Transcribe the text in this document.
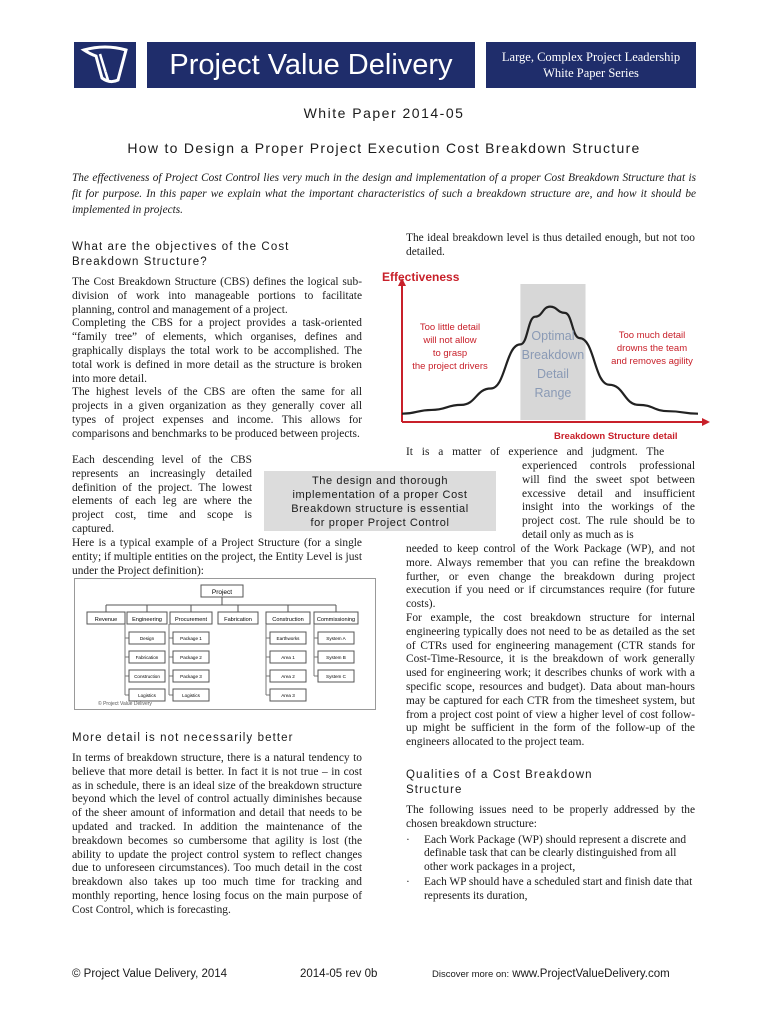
PVD	Project Value Delivery	Large, Complex Project Leadership
White Paper Series
White Paper 2014-05
How to Design a Proper Project Execution Cost Breakdown Structure
The effectiveness of Project Cost Control lies very much in the design and implementation of a proper Cost Breakdown Structure that is fit for purpose. In this paper we explain what the important characteristics of such a breakdown structure are, and how it should be implemented in projects.
What are the objectives of the Cost Breakdown Structure?

The Cost Breakdown Structure (CBS) defines the logical sub-division of work into manageable portions to facilitate planning, control and management of a project.

Completing the CBS for a project provides a task-oriented “family tree” of elements, which organises, defines and graphically displays the total work to be accomplished. The total work is defined in more detail as the structure is broken into more detail.

The highest levels of the CBS are often the same for all projects in a given organization as they generally cover all types of project expenses and income. This allows for comparisons and benchmarks to be produced between projects.

Each descending level of the CBS represents an increasingly detailed definition of the project. The lowest elements of each leg are where the project cost, time and scope is captured.

Here is a typical example of a Project Structure (for a single entity; if multiple entities on the project, the Entity Level is just under the Project definition):

Project
Revenue	Engineering Procurement	Fabrication	Construction Commissioning
Design
Fabrication
Construction
Logistics
Package 1
Package 2
Package 3
Logistics
Earthworks
Area 1
Area 2
Area 3
System A
System B
System C
© Project Value Delivery
More detail is not necessarily better

In terms of breakdown structure, there is a natural tendency to believe that more detail is better. In fact it is not true – in cost as in schedule, there is an ideal size of the breakdown structure beyond which the level of control actually diminishes because of the sheer amount of information and detail that needs to be updated and tracked. In addition the maintenance of the breakdown becomes so cumbersome that agility is lost (the ability to update the project control system to reflect changes due to unforeseen circumstances). Too much detail in the cost breakdown also takes up too much time for tracking and monthly reporting, hence losing focus on the main purpose of Cost Control, which is forecasting.

The design and thorough
implementation of a proper Cost
Breakdown structure is essential
for proper Project Control

The ideal breakdown level is thus detailed enough, but not too detailed.

Effectiveness
Breakdown Structure detail
Optimal
Breakdown
Detail
Range
Too little detail
will not allow
to grasp
the project drivers
Too much detail
drowns the team
and removes agility

It is a matter of experience and judgment. The

experienced controls professional will find the sweet spot between excessive detail and insufficient insight into the workings of the project cost. The rule should be to detail only as much as is

needed to keep control of the Work Package (WP), and not more. Always remember that you can refine the breakdown further, or even change the breakdown during project execution if you need or if circumstances require (for future costs).

For example, the cost breakdown structure for internal engineering typically does not need to be as detailed as the set of CTRs used for engineering management (CTR stands for Cost-Time-Resource, it is the breakdown of work generally used for engineering work; it describes chunks of work with a specific scope, resources and budget). Data about man-hours may be captured for each CTR from the timesheet system, but from a project cost point of view a higher level of cost follow-up might be sufficient in the form of the follow-up of the engineers allocated to the project team.

Qualities of a Cost Breakdown Structure

The following issues need to be properly addressed by the chosen breakdown structure:

· Each Work Package (WP) should represent a discrete and definable task that can be clearly distinguished from all other work packages in a project,
· Each WP should have a scheduled start and finish date that represents its duration,
© Project Value Delivery, 2014	2014-05 rev 0b	Discover more on: www.ProjectValueDelivery.com
